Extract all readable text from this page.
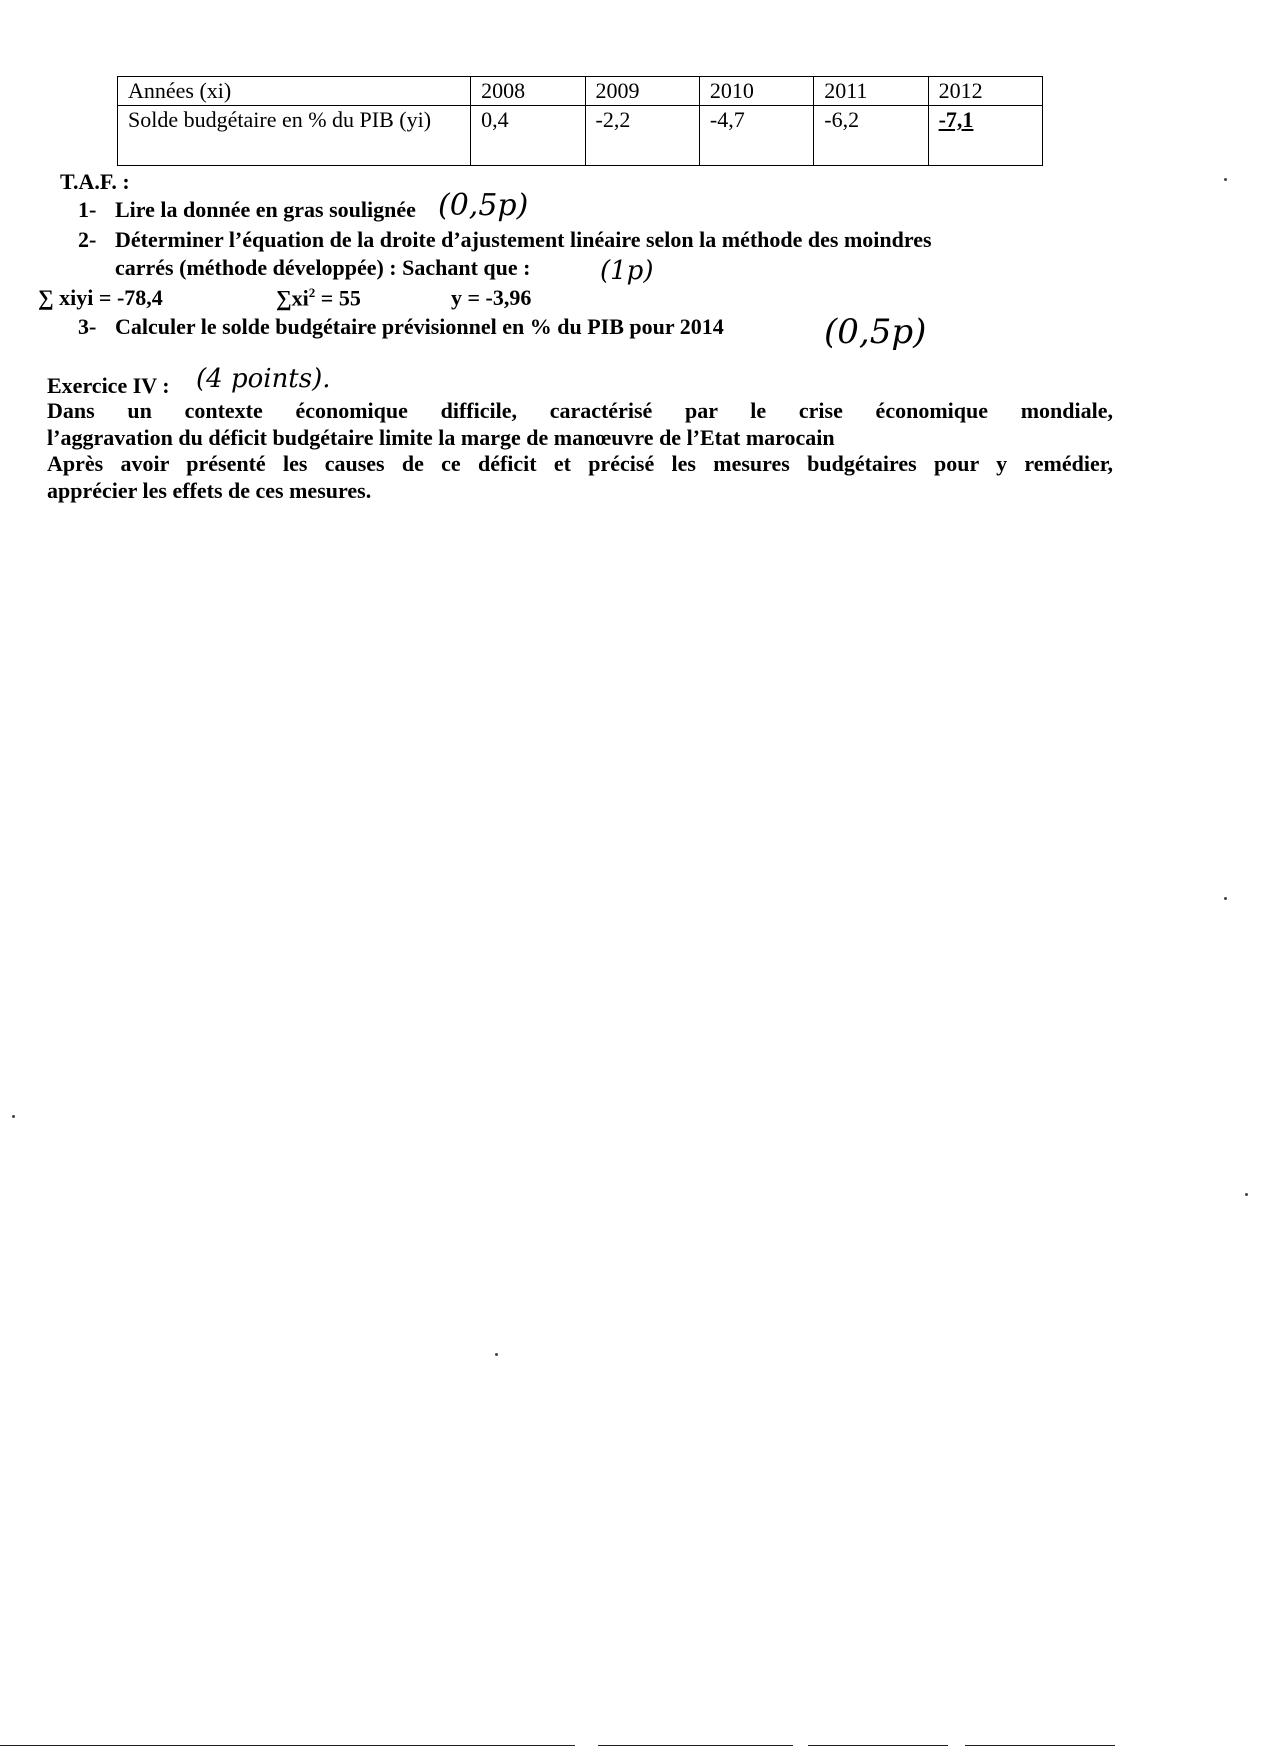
Années (xi)	2008	2009	2010	2011	2012
Solde budgétaire en % du PIB (yi)	0,4	-2,2	-4,7	-6,2	-7,1
T.A.F. :
1- Lire la donnée en gras soulignée (0,5p)
2- Déterminer l’équation de la droite d’ajustement linéaire selon la méthode des moindres
carrés (méthode développée) : Sachant que :	(1p)
∑ xiyi = -78,4	$\sum xi^2 = 55$	y = -3,96
3- Calculer le solde budgétaire prévisionnel en % du PIB pour 2014	(0,5p)
Exercice IV : (4 points).

Dans un contexte économique difficile, caractérisé par le crise économique mondiale,

l’aggravation du déficit budgétaire limite la marge de manœuvre de l’Etat marocain

Après avoir présenté les causes de ce déficit et précisé les mesures budgétaires pour y remédier,

apprécier les effets de ces mesures.
